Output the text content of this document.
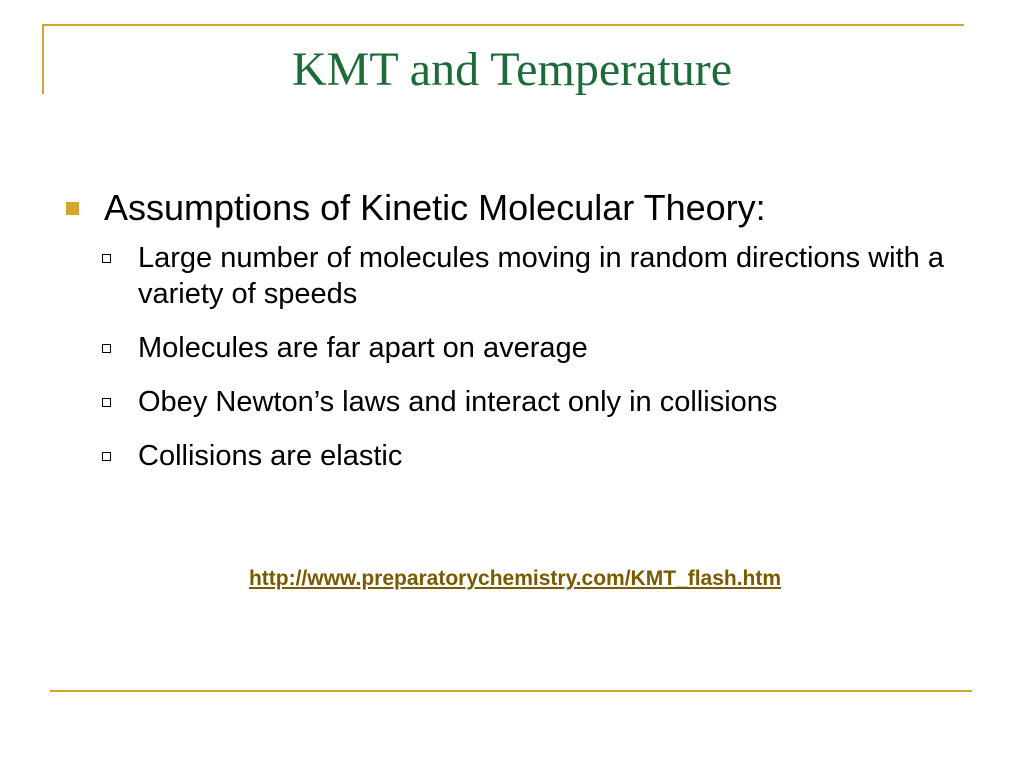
KMT and Temperature
Assumptions of Kinetic Molecular Theory:
Large number of molecules moving in random directions with a variety of speeds
Molecules are far apart on average
Obey Newton’s laws and interact only in collisions
Collisions are elastic
http://www.preparatorychemistry.com/KMT_flash.htm
